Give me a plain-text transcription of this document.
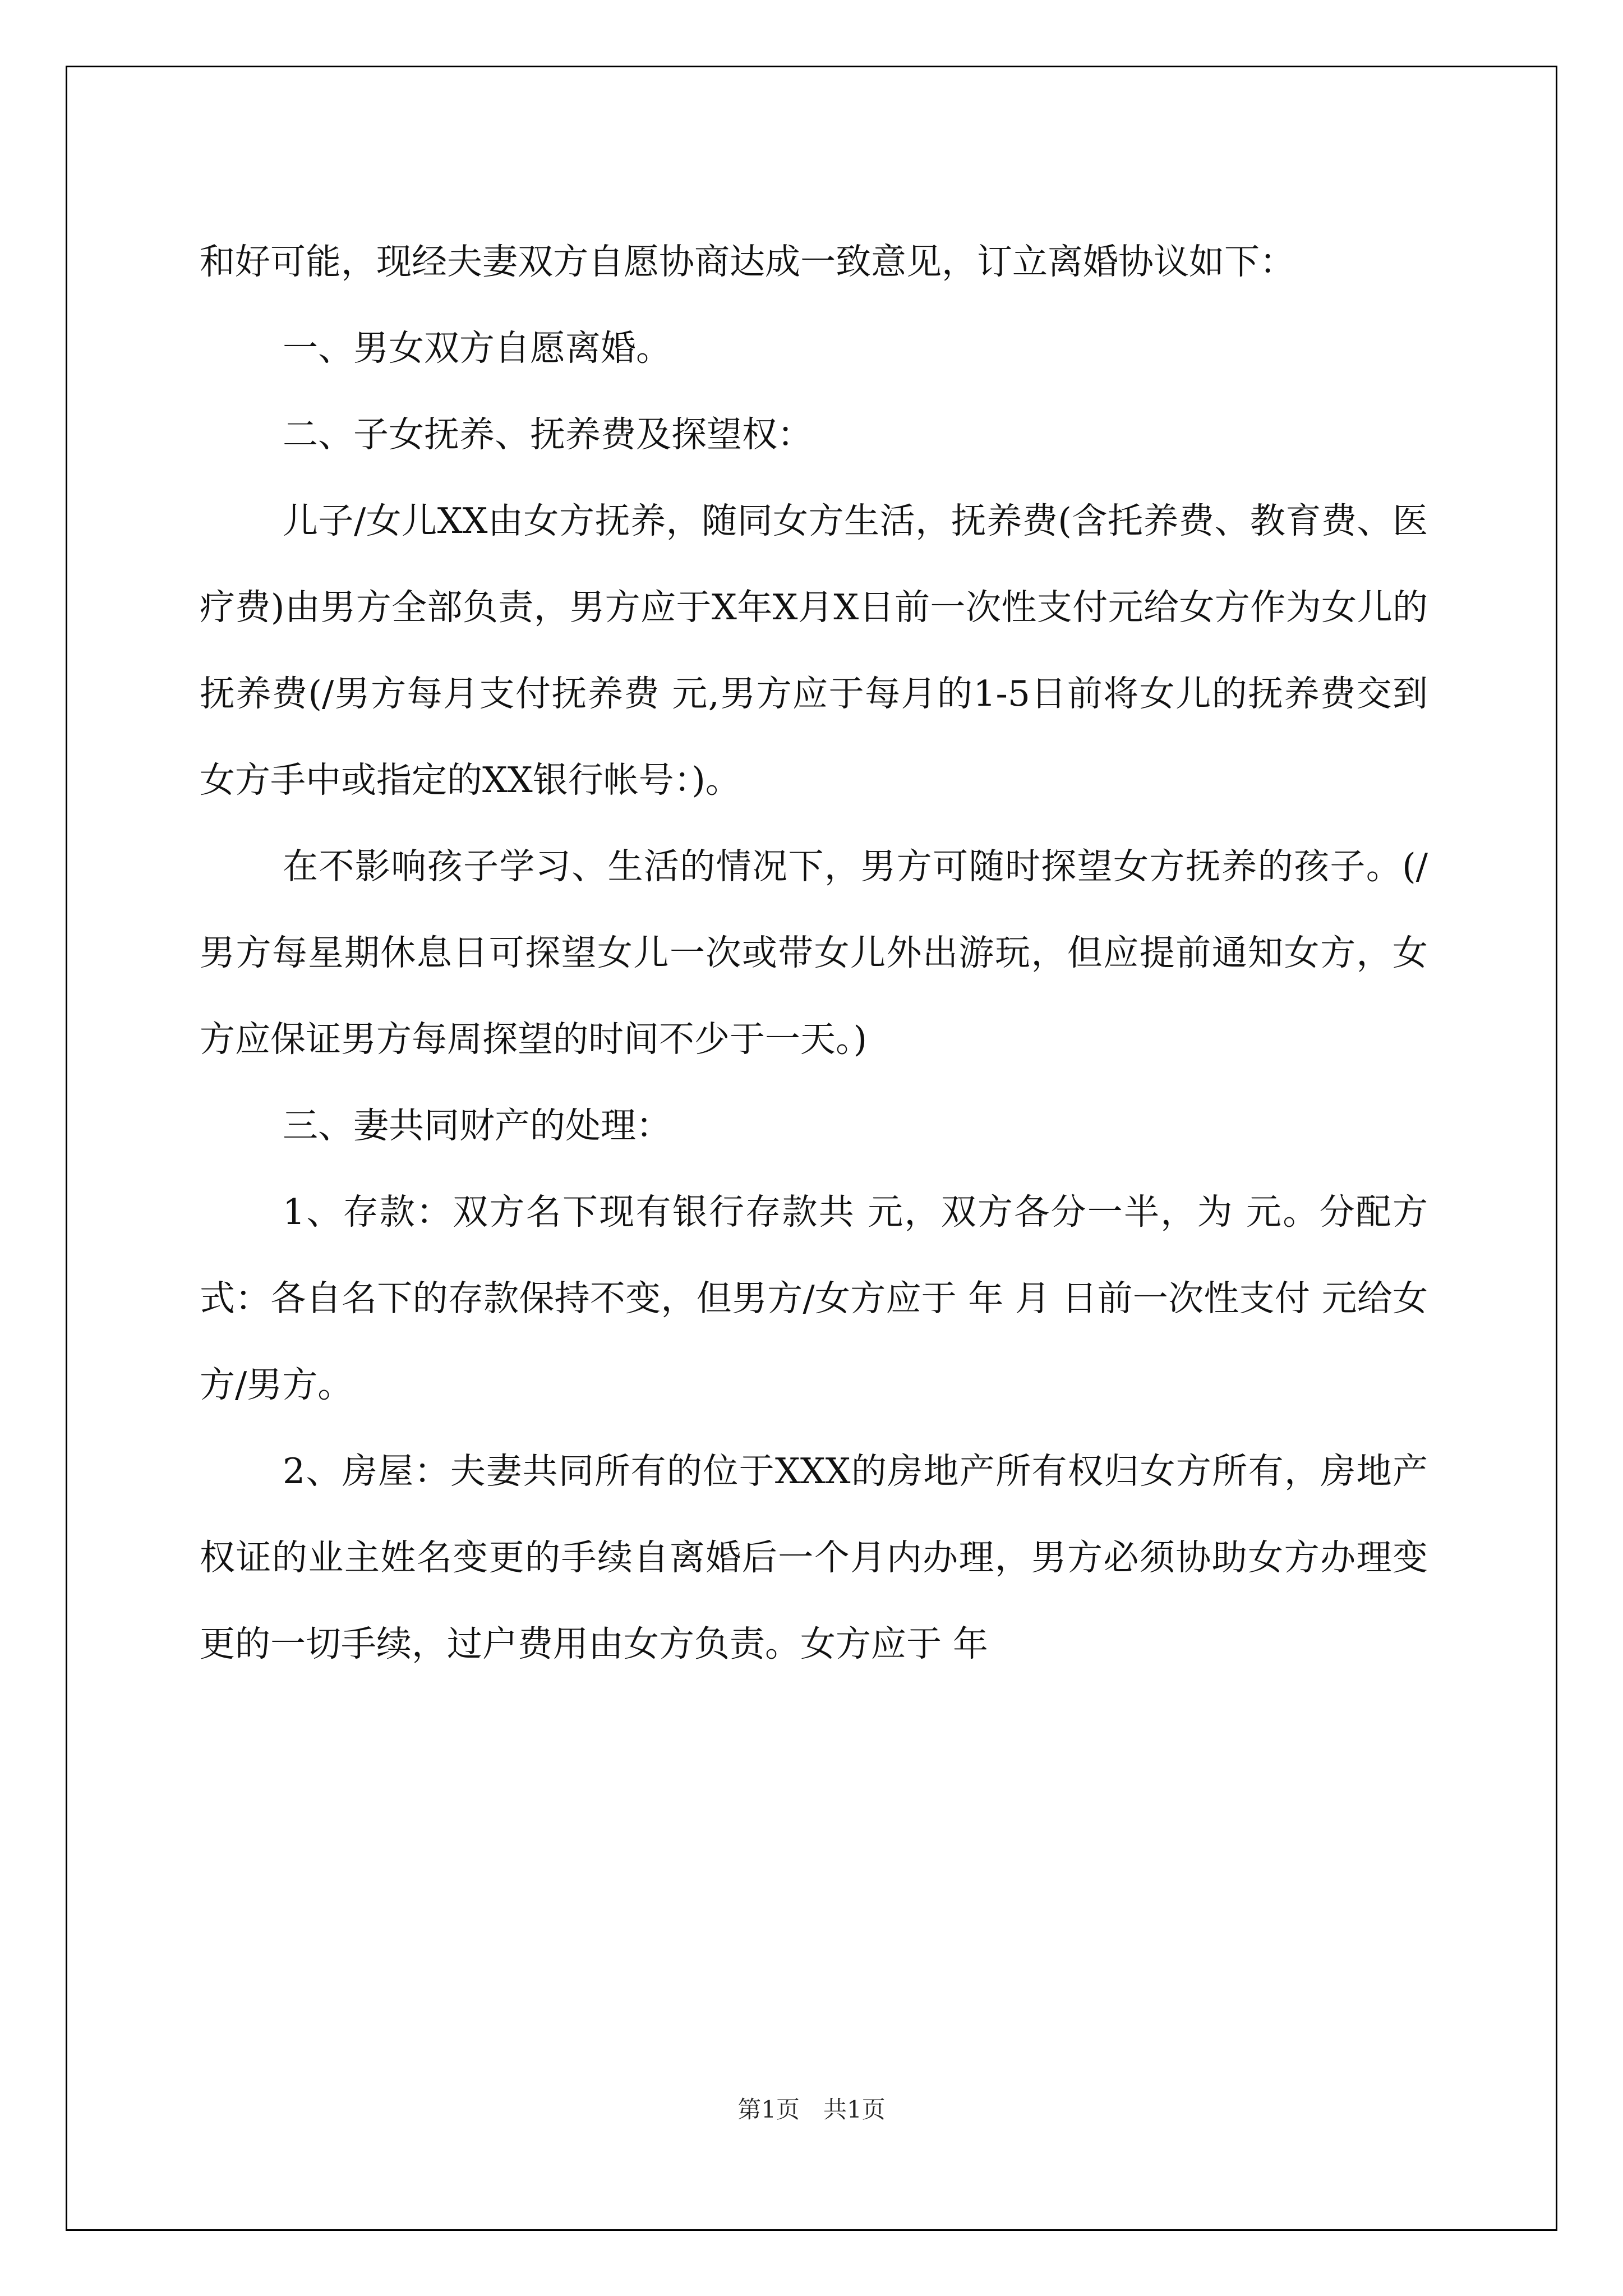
和好可能，现经夫妻双方自愿协商达成一致意见，订立离婚协议如下：

一、男女双方自愿离婚。

二、子女抚养、抚养费及探望权：

儿子/女儿XX由女方抚养，随同女方生活，抚养费(含托养费、教育费、医疗费)由男方全部负责，男方应于X年X月X日前一次性支付元给女方作为女儿的抚养费(/男方每月支付抚养费 元,男方应于每月的1-5日前将女儿的抚养费交到女方手中或指定的XX银行帐号：)。

在不影响孩子学习、生活的情况下，男方可随时探望女方抚养的孩子。(/男方每星期休息日可探望女儿一次或带女儿外出游玩，但应提前通知女方，女方应保证男方每周探望的时间不少于一天。)

三、妻共同财产的处理：

1、存款：双方名下现有银行存款共 元，双方各分一半，为 元。分配方式：各自名下的存款保持不变，但男方/女方应于 年 月 日前一次性支付 元给女方/男方。

2、房屋：夫妻共同所有的位于XXX的房地产所有权归女方所有，房地产权证的业主姓名变更的手续自离婚后一个月内办理，男方必须协助女方办理变更的一切手续，过户费用由女方负责。女方应于 年

第1页　共1页
